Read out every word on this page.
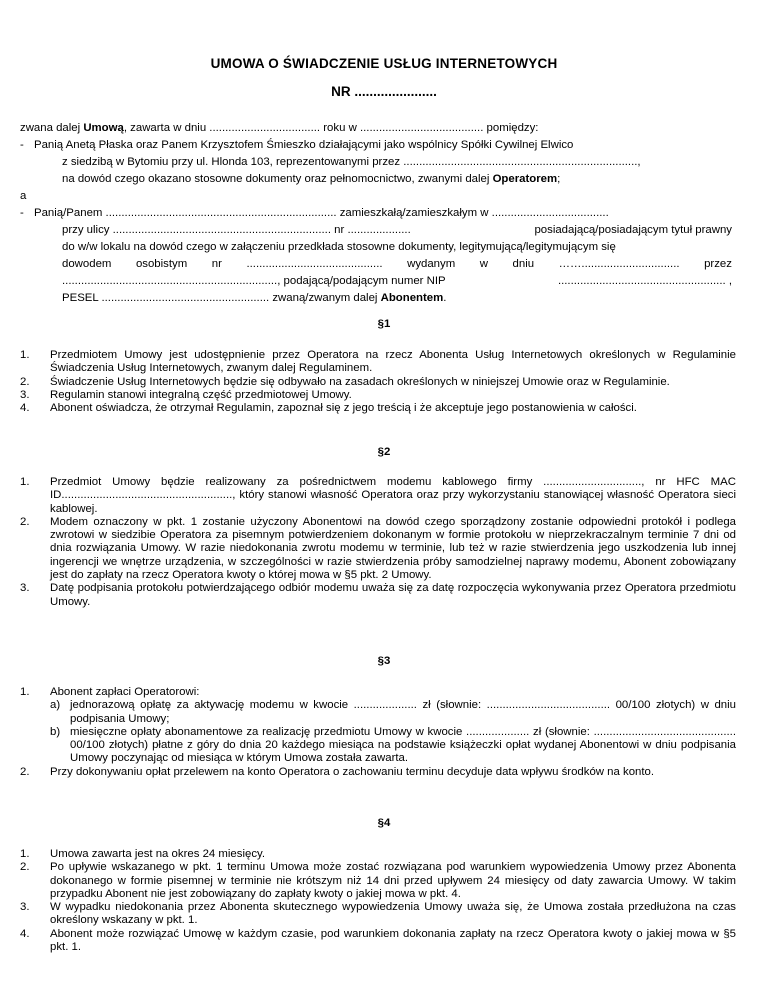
UMOWA O ŚWIADCZENIE USŁUG INTERNETOWYCH
NR ......................
zwana dalej Umową, zawarta w dniu ................................... roku w ....................................... pomiędzy:
- Panią Anetą Płaska oraz Panem Krzysztofem Śmieszko działającymi jako wspólnicy Spółki Cywilnej Elwico
z siedzibą w Bytomiu przy ul. Hlonda 103, reprezentowanymi przez ..........................................................................,
na dowód czego okazano stosowne dokumenty oraz pełnomocnictwo, zwanymi dalej Operatorem;
a
- Panią/Panem ......................................................................... zamieszkałą/zamieszkałym w .....................................
przy ulicy ..................................................................... nr ....................	posiadającą/posiadającym tytuł prawny
do w/w lokalu na dowód czego w załączeniu przedkłada stosowne dokumenty, legitymującą/legitymującym się
dowodem osobistym nr ........................................... wydanym w dniu ……............................... przez
...................................................................., podającą/podającym numer NIP	..................................................... ,
PESEL ..................................................... zwaną/zwanym dalej Abonentem.
§1
1. Przedmiotem Umowy jest udostępnienie przez Operatora na rzecz Abonenta Usług Internetowych określonych w Regulaminie Świadczenia Usług Internetowych, zwanym dalej Regulaminem.
2. Świadczenie Usług Internetowych będzie się odbywało na zasadach określonych w niniejszej Umowie oraz w Regulaminie.
3. Regulamin stanowi integralną część przedmiotowej Umowy.
4. Abonent oświadcza, że otrzymał Regulamin, zapoznał się z jego treścią i że akceptuje jego postanowienia w całości.
§2
1. Przedmiot Umowy będzie realizowany za pośrednictwem modemu kablowego firmy ..............................., nr HFC MAC ID......................................................, który stanowi własność Operatora oraz przy wykorzystaniu stanowiącej własność Operatora sieci kablowej.
2. Modem oznaczony w pkt. 1 zostanie użyczony Abonentowi na dowód czego sporządzony zostanie odpowiedni protokół i podlega zwrotowi w siedzibie Operatora za pisemnym potwierdzeniem dokonanym w formie protokołu w nieprzekraczalnym terminie 7 dni od dnia rozwiązania Umowy. W razie niedokonania zwrotu modemu w terminie, lub też w razie stwierdzenia jego uszkodzenia lub innej ingerencji we wnętrze urządzenia, w szczególności w razie stwierdzenia próby samodzielnej naprawy modemu, Abonent zobowiązany jest do zapłaty na rzecz Operatora kwoty o której mowa w §5 pkt. 2 Umowy.
3. Datę podpisania protokołu potwierdzającego odbiór modemu uważa się za datę rozpoczęcia wykonywania przez Operatora przedmiotu Umowy.
§3
1. Abonent zapłaci Operatorowi:
a) jednorazową opłatę za aktywację modemu w kwocie .................... zł (słownie: ....................................... 00/100 złotych) w dniu podpisania Umowy;
b) miesięczne opłaty abonamentowe za realizację przedmiotu Umowy w kwocie .................... zł (słownie: ............................................. 00/100 złotych) płatne z góry do dnia 20 każdego miesiąca na podstawie książeczki opłat wydanej Abonentowi w dniu podpisania Umowy poczynając od miesiąca w którym Umowa została zawarta.
2. Przy dokonywaniu opłat przelewem na konto Operatora o zachowaniu terminu decyduje data wpływu środków na konto.
§4
1. Umowa zawarta jest na okres 24 miesięcy.
2. Po upływie wskazanego w pkt. 1 terminu Umowa może zostać rozwiązana pod warunkiem wypowiedzenia Umowy przez Abonenta dokonanego w formie pisemnej w terminie nie krótszym niż 14 dni przed upływem 24 miesięcy od daty zawarcia Umowy. W takim przypadku Abonent nie jest zobowiązany do zapłaty kwoty o jakiej mowa w pkt. 4.
3. W wypadku niedokonania przez Abonenta skutecznego wypowiedzenia Umowy uważa się, że Umowa została przedłużona na czas określony wskazany w pkt. 1.
4. Abonent może rozwiązać Umowę w każdym czasie, pod warunkiem dokonania zapłaty na rzecz Operatora kwoty o jakiej mowa w §5 pkt. 1.
